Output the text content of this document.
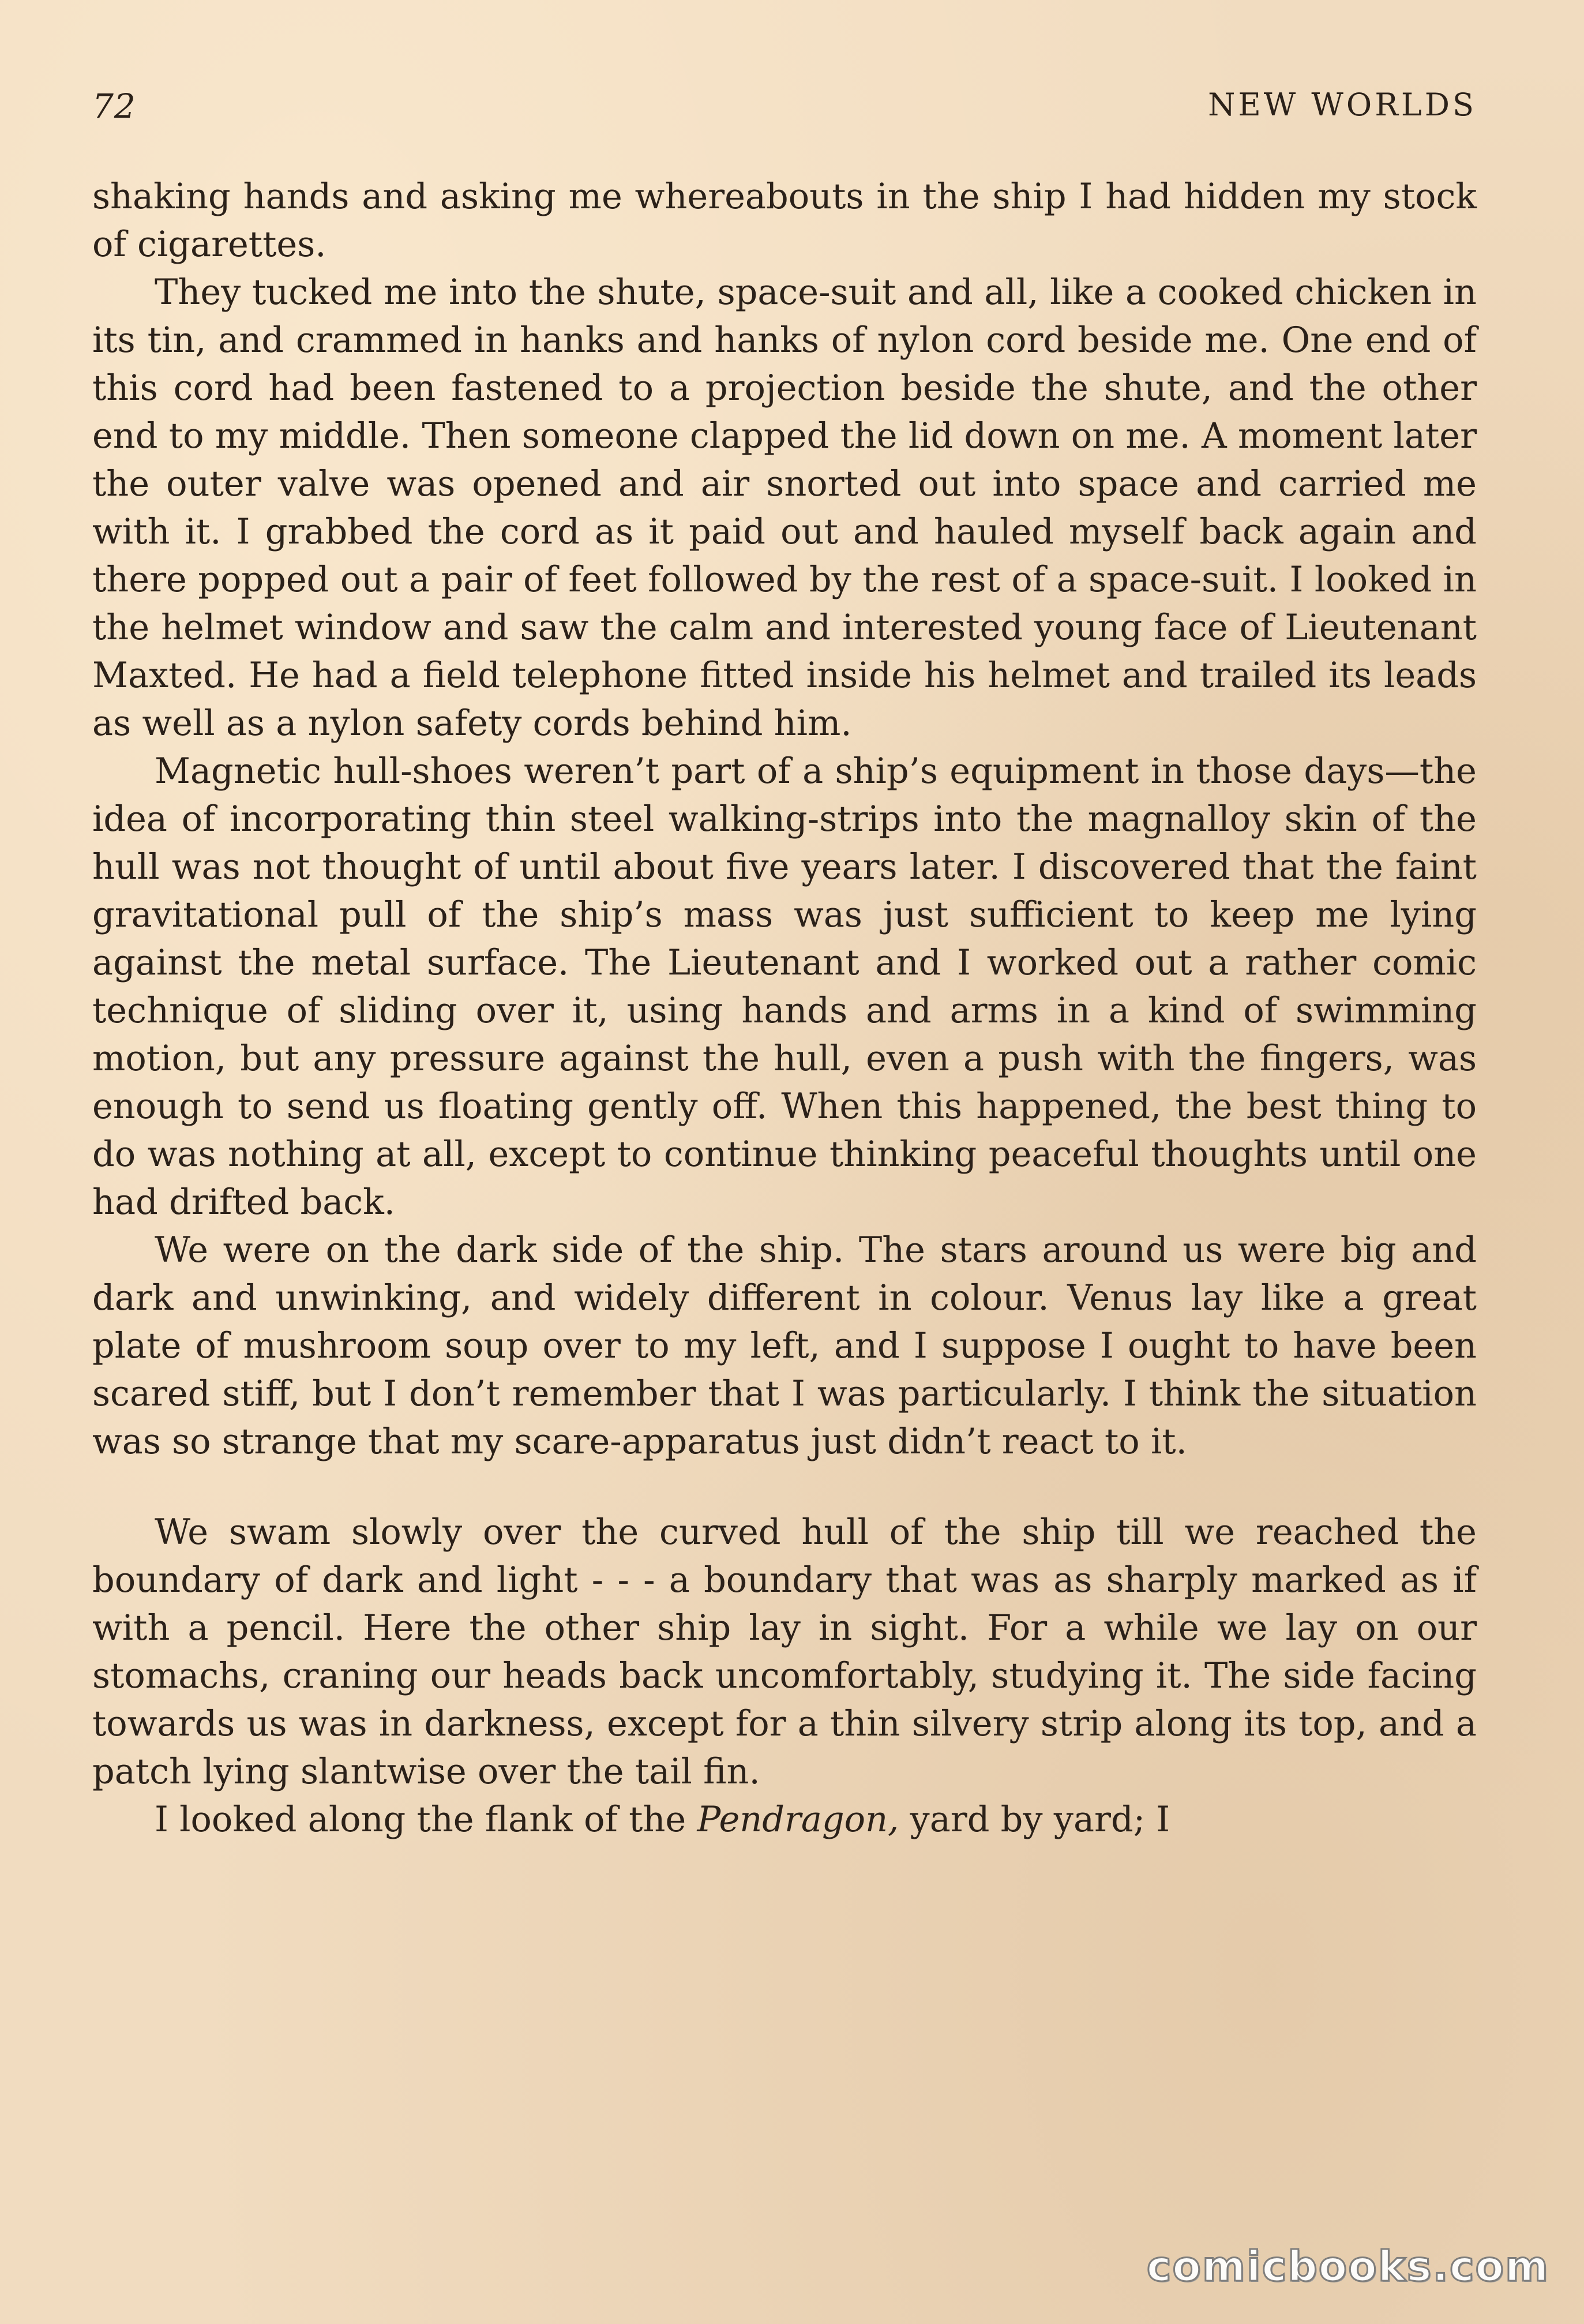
72	NEW WORLDS

shaking hands and asking me whereabouts in the ship I had hidden my stock of cigarettes.

They tucked me into the shute, space-suit and all, like a cooked chicken in its tin, and crammed in hanks and hanks of nylon cord beside me. One end of this cord had been fastened to a projection beside the shute, and the other end to my middle. Then someone clapped the lid down on me. A moment later the outer valve was opened and air snorted out into space and carried me with it. I grabbed the cord as it paid out and hauled myself back again and there popped out a pair of feet followed by the rest of a space-suit. I looked in the helmet window and saw the calm and interested young face of Lieutenant Maxted. He had a field telephone fitted inside his helmet and trailed its leads as well as a nylon safety cords behind him.

Magnetic hull-shoes weren’t part of a ship’s equipment in those days—the idea of incorporating thin steel walking-strips into the magnalloy skin of the hull was not thought of until about five years later. I discovered that the faint gravitational pull of the ship’s mass was just sufficient to keep me lying against the metal surface. The Lieutenant and I worked out a rather comic technique of sliding over it, using hands and arms in a kind of swimming motion, but any pressure against the hull, even a push with the fingers, was enough to send us floating gently off. When this happened, the best thing to do was nothing at all, except to continue thinking peaceful thoughts until one had drifted back.

We were on the dark side of the ship. The stars around us were big and dark and unwinking, and widely different in colour. Venus lay like a great plate of mushroom soup over to my left, and I suppose I ought to have been scared stiff, but I don’t remember that I was particularly. I think the situation was so strange that my scare-apparatus just didn’t react to it.

We swam slowly over the curved hull of the ship till we reached the boundary of dark and light - - - a boundary that was as sharply marked as if with a pencil. Here the other ship lay in sight. For a while we lay on our stomachs, craning our heads back uncomfortably, studying it. The side facing towards us was in darkness, except for a thin silvery strip along its top, and a patch lying slantwise over the tail fin.

I looked along the flank of the Pendragon, yard by yard; I

comicbooks.com
